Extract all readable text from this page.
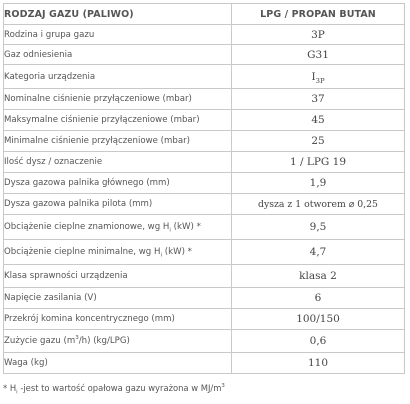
RODZAJ GAZU (PALIWO)	LPG / PROPAN BUTAN
Rodzina i grupa gazu	3P
Gaz odniesienia	G31
Kategoria urządzenia	$I_{3P}$
Nominalne ciśnienie przyłączeniowe (mbar)	37
Maksymalne ciśnienie przyłączeniowe (mbar)	45
Minimalne ciśnienie przyłączeniowe (mbar)	25
Ilość dysz / oznaczenie	1 / LPG 19
Dysza gazowa palnika głównego (mm)	1,9
Dysza gazowa palnika pilota (mm)	dysza z 1 otworem ⌀ 0,25
Obciążenie cieplne znamionowe, wg $H_i$ (kW) *	9,5
Obciążenie cieplne minimalne, wg $H_i$ (kW) *	4,7
Klasa sprawności urządzenia	klasa 2
Napięcie zasilania (V)	6
Przekrój komina koncentrycznego (mm)	100/150
Zużycie gazu $(m^3/h)$ (kg/LPG)	0,6
Waga (kg)	110
* $H_i$ -jest to wartość opałowa gazu wyrażona w $MJ/m^3$
